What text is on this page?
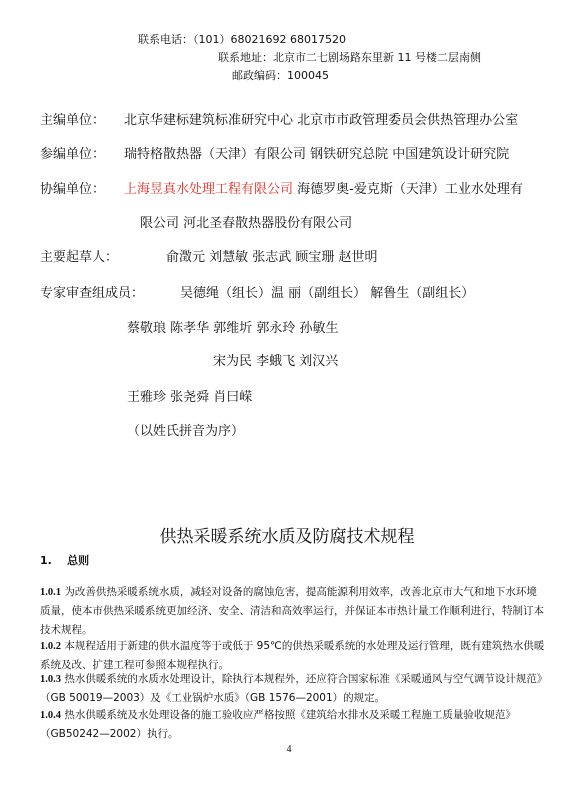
联系电话：（101）68021692 68017520
联系地址：北京市二七剧场路东里新 11 号楼二层南侧
邮政编码：100045
主编单位： 北京华建标建筑标准研究中心 北京市市政管理委员会供热管理办公室
参编单位： 瑞特格散热器（天津）有限公司 钢铁研究总院 中国建筑设计研究院
协编单位： 上海昱真水处理工程有限公司 海德罗奥-爱克斯（天津）工业水处理有
限公司 河北圣春散热器股份有限公司
主要起草人：	俞澂元 刘慧敏 张志武 顾宝珊 赵世明
专家审查组成员：	吴德绳（组长）温 丽（副组长） 解鲁生（副组长）
蔡敬琅 陈孝华 郭维圻 郭永玲 孙敏生
宋为民 李蛾飞 刘汉兴
王雅珍 张尧舜 肖曰嵘
（以姓氏拼音为序）
供热采暖系统水质及防腐技术规程
1. 总则
1.0.1 为改善供热采暖系统水质，减轻对设备的腐蚀危害，提高能源利用效率，改善北京市大气和地下水环境质量，使本市供热采暖系统更加经济、安全、清洁和高效率运行，并保证本市热计量工作顺利进行，特制订本技术规程。
1.0.2 本规程适用于新建的供水温度等于或低于 95℃的供热采暖系统的水处理及运行管理，既有建筑热水供暖系统及改、扩建工程可参照本规程执行。
1.0.3 热水供暖系统的水质水处理设计，除执行本规程外，还应符合国家标准《采暖通风与空气调节设计规范》（GB 50019—2003）及《工业锅炉水质》（GB 1576—2001）的规定。
1.0.4 热水供暖系统及水处理设备的施工验收应严格按照《建筑给水排水及采暖工程施工质量验收规范》（GB50242—2002）执行。
4
